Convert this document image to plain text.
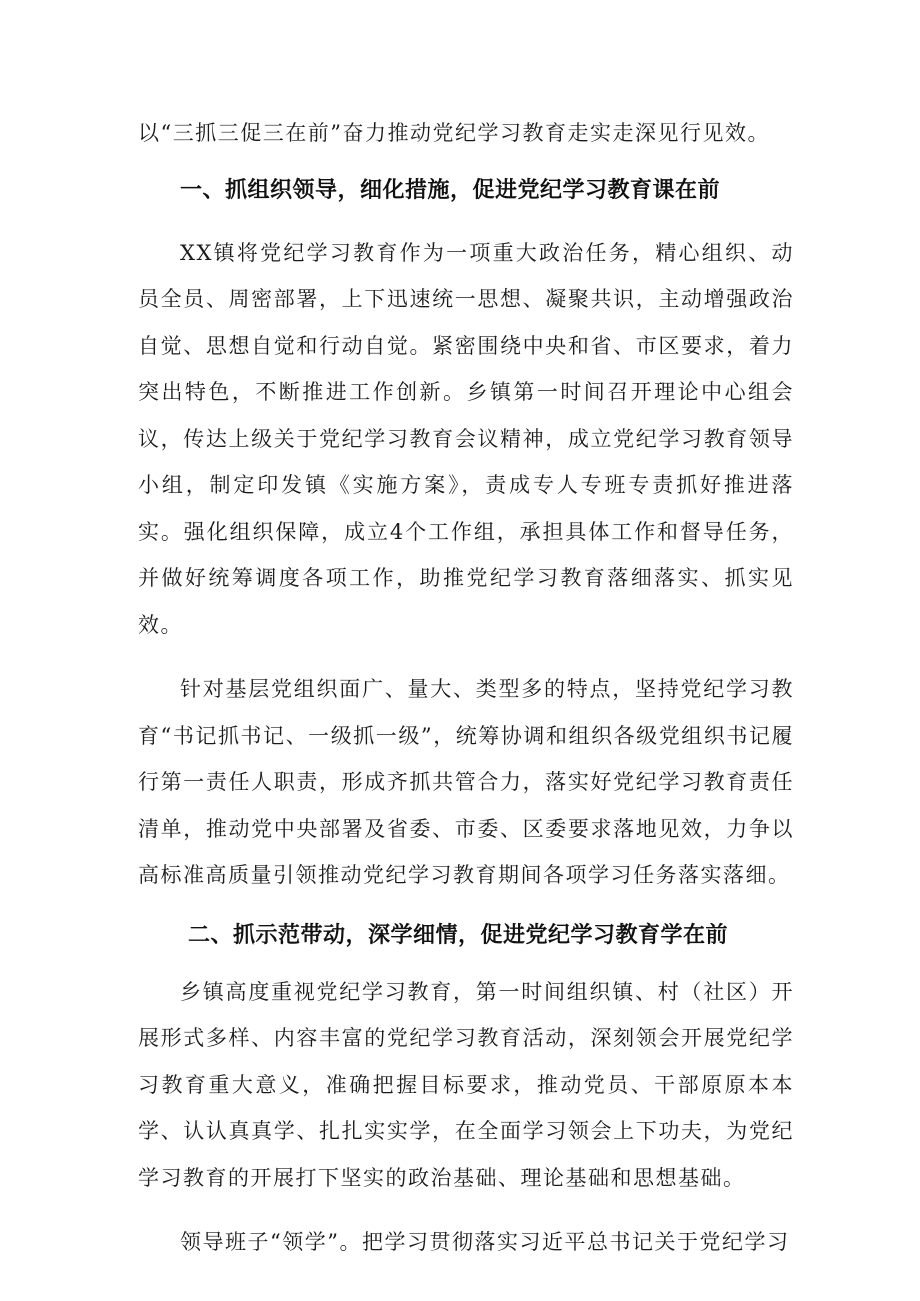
以“三抓三促三在前”奋力推动党纪学习教育走实走深见行见效。

一、抓组织领导，细化措施，促进党纪学习教育课在前

XX镇将党纪学习教育作为一项重大政治任务，精心组织、动员全员、周密部署，上下迅速统一思想、凝聚共识，主动增强政治自觉、思想自觉和行动自觉。紧密围绕中央和省、市区要求，着力突出特色，不断推进工作创新。乡镇第一时间召开理论中心组会议，传达上级关于党纪学习教育会议精神，成立党纪学习教育领导小组，制定印发镇《实施方案》，责成专人专班专责抓好推进落实。强化组织保障，成立4个工作组，承担具体工作和督导任务，并做好统筹调度各项工作，助推党纪学习教育落细落实、抓实见效。

针对基层党组织面广、量大、类型多的特点，坚持党纪学习教育“书记抓书记、一级抓一级”，统筹协调和组织各级党组织书记履行第一责任人职责，形成齐抓共管合力，落实好党纪学习教育责任清单，推动党中央部署及省委、市委、区委要求落地见效，力争以高标准高质量引领推动党纪学习教育期间各项学习任务落实落细。

二、抓示范带动，深学细情，促进党纪学习教育学在前

乡镇高度重视党纪学习教育，第一时间组织镇、村（社区）开展形式多样、内容丰富的党纪学习教育活动，深刻领会开展党纪学习教育重大意义，准确把握目标要求，推动党员、干部原原本本学、认认真真学、扎扎实实学，在全面学习领会上下功夫，为党纪学习教育的开展打下坚实的政治基础、理论基础和思想基础。

领导班子“领学”。把学习贯彻落实习近平总书记关于党纪学习
